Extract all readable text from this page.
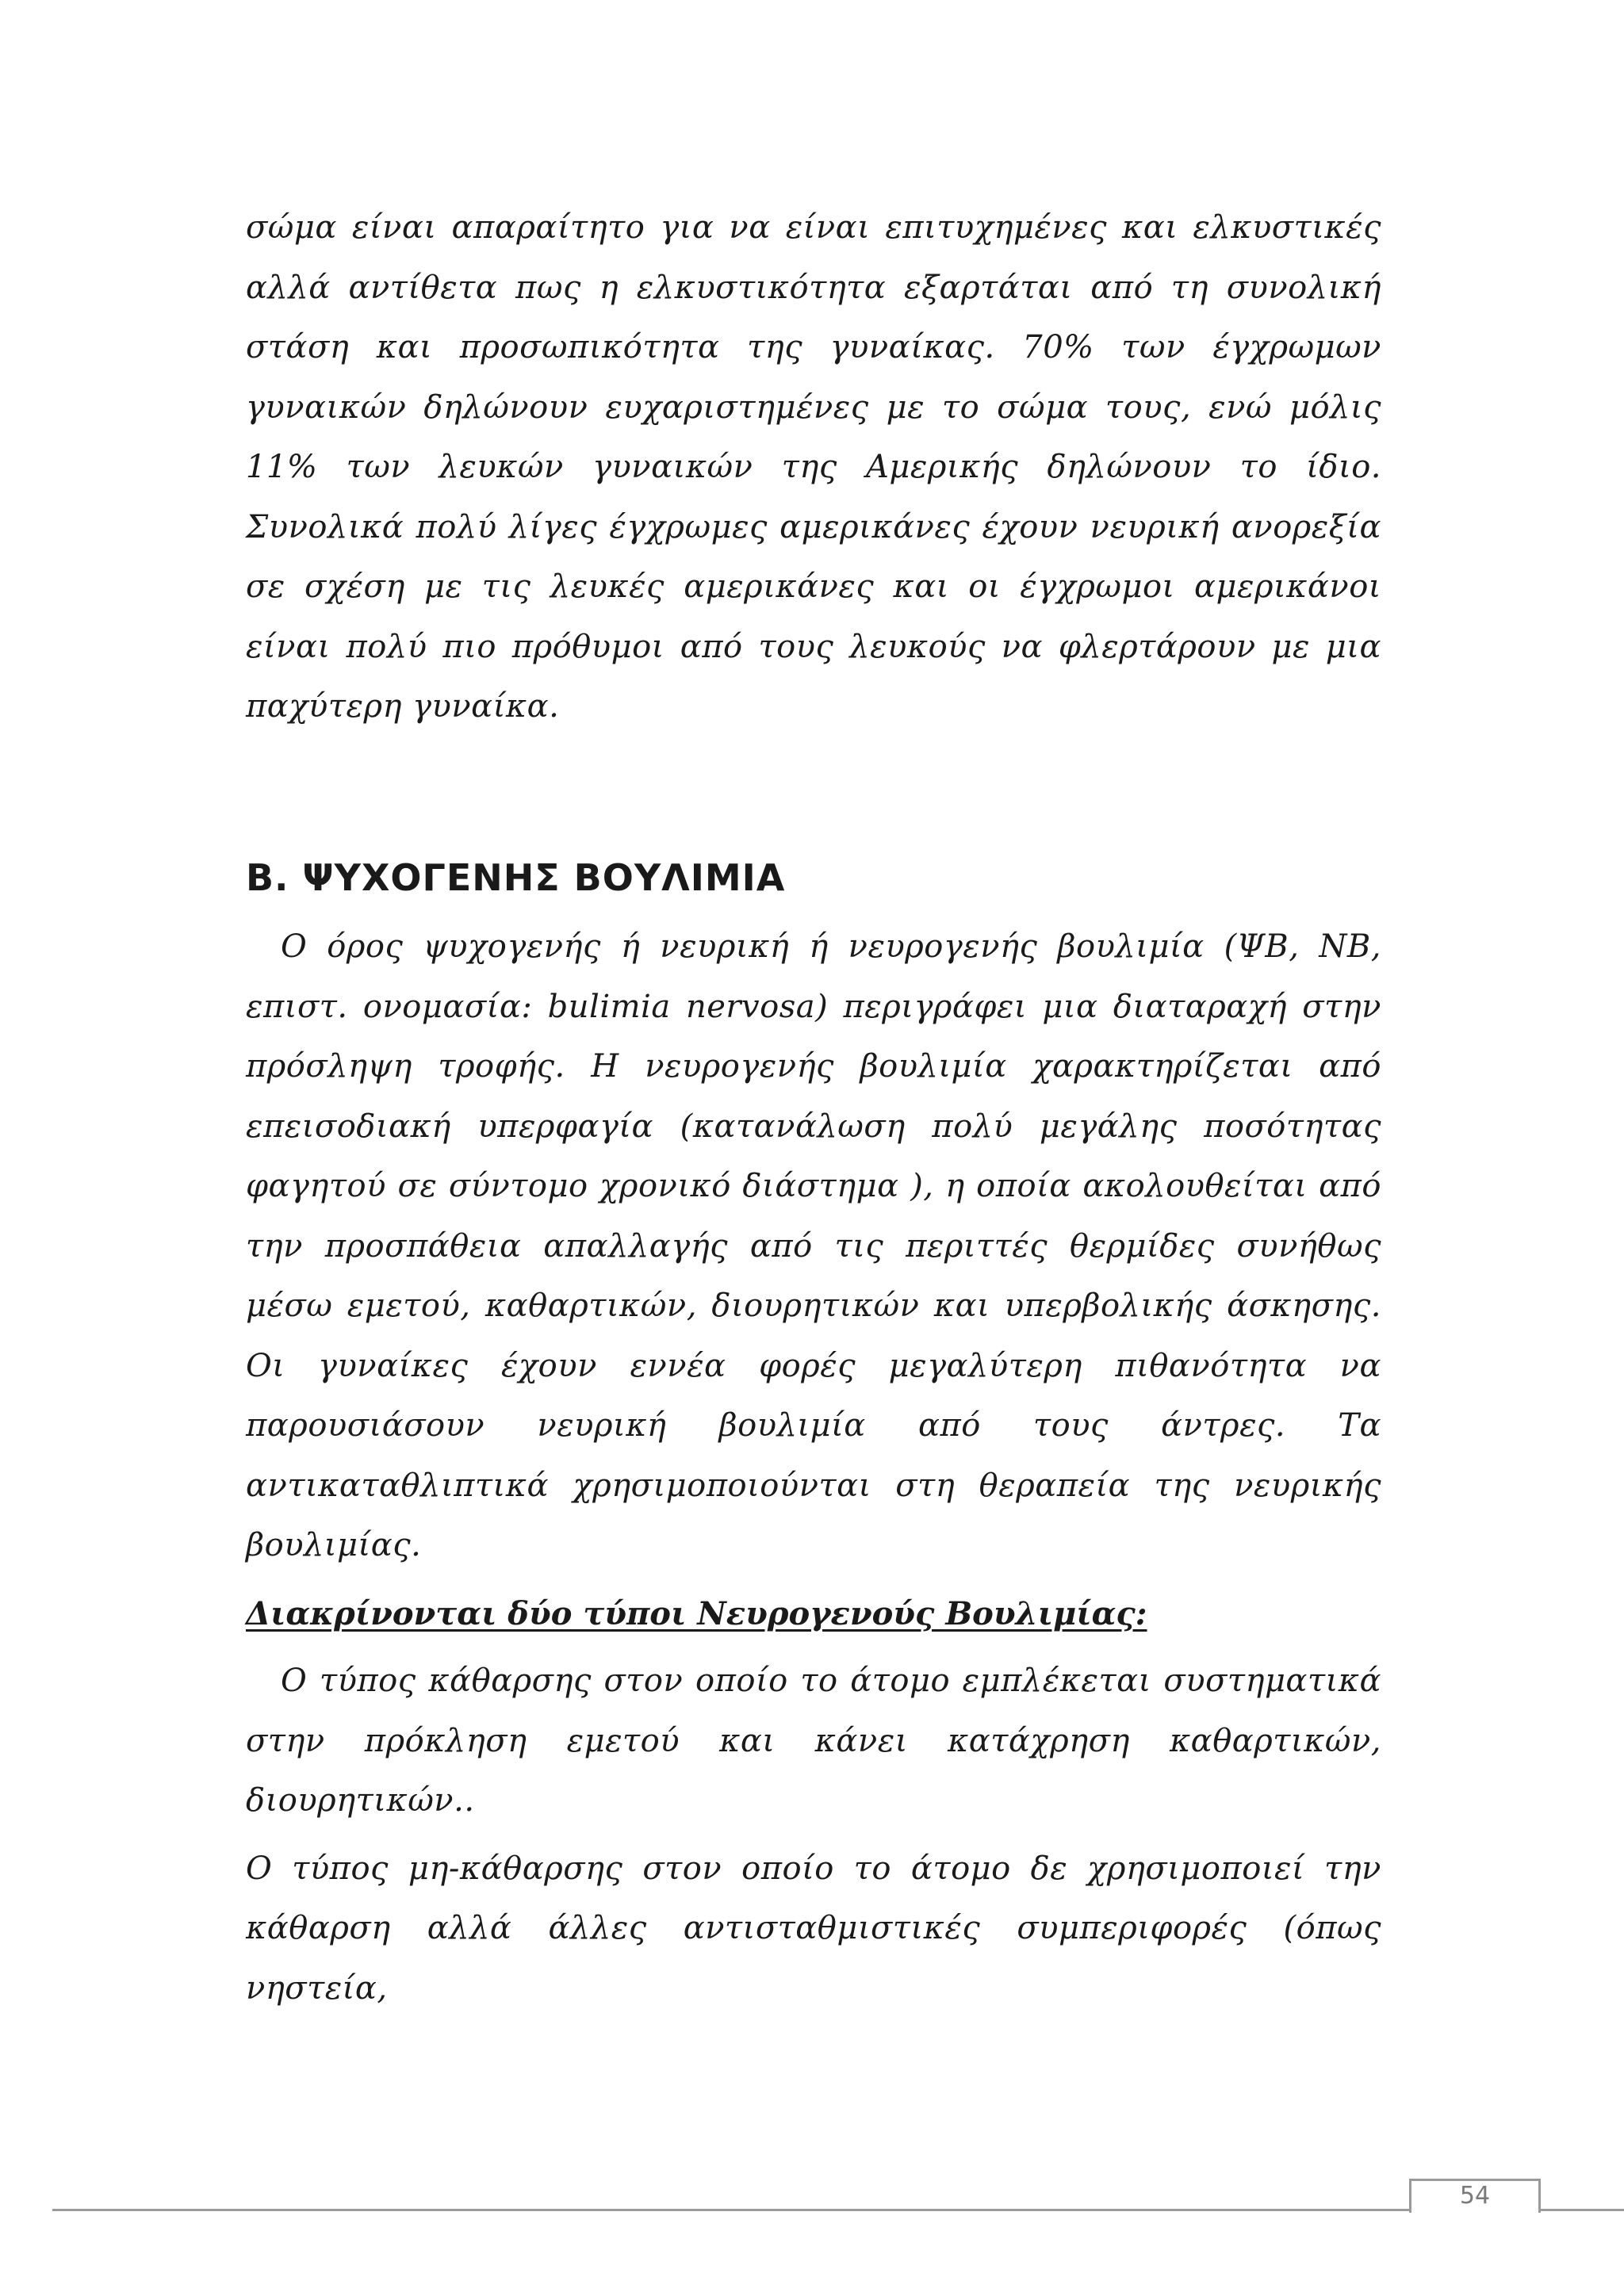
σώμα είναι απαραίτητο για να είναι επιτυχημένες και ελκυστικές αλλά αντίθετα πως η ελκυστικότητα εξαρτάται από τη συνολική στάση και προσωπικότητα της γυναίκας. 70% των έγχρωμων γυναικών δηλώνουν ευχαριστημένες με το σώμα τους, ενώ μόλις 11% των λευκών γυναικών της Αμερικής δηλώνουν το ίδιο. Συνολικά πολύ λίγες έγχρωμες αμερικάνες έχουν νευρική ανορεξία σε σχέση με τις λευκές αμερικάνες και οι έγχρωμοι αμερικάνοι είναι πολύ πιο πρόθυμοι από τους λευκούς να φλερτάρουν με μια παχύτερη γυναίκα.

Β. ΨΥΧΟΓΕΝΗΣ ΒΟΥΛΙΜΙΑ

Ο όρος ψυχογενής ή νευρική ή νευρογενής βουλιμία (ΨΒ, ΝΒ, επιστ. ονομασία: bulimia nervosa) περιγράφει μια διαταραχή στην πρόσληψη τροφής. Η νευρογενής βουλιμία χαρακτηρίζεται από επεισοδιακή υπερφαγία (κατανάλωση πολύ μεγάλης ποσότητας φαγητού σε σύντομο χρονικό διάστημα ), η οποία ακολουθείται από την προσπάθεια απαλλαγής από τις περιττές θερμίδες συνήθως μέσω εμετού, καθαρτικών, διουρητικών και υπερβολικής άσκησης. Οι γυναίκες έχουν εννέα φορές μεγαλύτερη πιθανότητα να παρουσιάσουν νευρική βουλιμία από τους άντρες. Τα αντικαταθλιπτικά χρησιμοποιούνται στη θεραπεία της νευρικής βουλιμίας.

Διακρίνονται δύο τύποι Νευρογενούς Βουλιμίας:

Ο τύπος κάθαρσης στον οποίο το άτομο εμπλέκεται συστηματικά στην πρόκληση εμετού και κάνει κατάχρηση καθαρτικών, διουρητικών..

Ο τύπος μη-κάθαρσης στον οποίο το άτομο δε χρησιμοποιεί την κάθαρση αλλά άλλες αντισταθμιστικές συμπεριφορές (όπως νηστεία,

54
